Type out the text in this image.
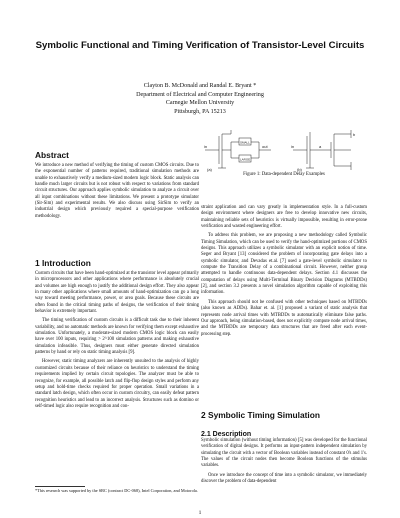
Symbolic Functional and Timing Verification of Transistor-Level Circuits
Clayton B. McDonald and Randal E. Bryant *
Department of Electrical and Computer Engineering
Carnegie Mellon University
Pittsburgh, PA 15213
Abstract

We introduce a new method of verifying the timing of custom CMOS circuits. Due to the exponential number of patterns required, traditional simulation methods are unable to exhaustively verify a medium-sized modern logic block. Static analysis can handle much larger circuits but is not robust with respect to variations from standard circuit structures. Our approach applies symbolic simulation to analyze a circuit over all input combinations without these limitations. We present a prototype simulator (Sir-Sim) and experimental results. We also discuss using SirSim to verify an industrial design which previously required a special-purpose verification methodology.

1 Introduction

Custom circuits that have been hand-optimized at the transistor level appear primarily in microprocessors and other applications where performance is absolutely crucial and volumes are high enough to justify the additional design effort. They also appear in many other applications where small amounts of hand-optimization can go a long way toward meeting performance, power, or area goals. Because these circuits are often found in the critical timing paths of designs, the verification of their timing behavior is extremely important.

The timing verification of custom circuits is a difficult task due to their inherent variability, and no automatic methods are known for verifying them except exhaustive simulation. Unfortunately, a moderate-sized modern CMOS logic block can easily have over 100 inputs, requiring > 2^100 simulation patterns and making exhaustive simulation infeasible. Thus, designers must either generate directed simulation patterns by hand or rely on static timing analysis [9].

However, static timing analyzers are inherently unsuited to the analysis of highly customized circuits because of their reliance on heuristics to understand the timing requirements implied by certain circuit topologies. The analyzer must be able to recognize, for example, all possible latch and flip-flop design styles and perform any setup and hold-time checks required for proper operation. Small variations in a standard latch design, which often occur in custom circuitry, can easily defeat pattern recognition heuristics and lead to an incorrect analysis. Structures such as domino or self-timed logic also require recognition and con-

*This research was supported by the SRC (contract DC-068), Intel Corporation, and Motorola.
in	out
SMALL
LARGE
(a)
in	a
b
(b)
Figure 1: Data-dependent Delay Examples

straint application and can vary greatly in implementation style. In a full-custom design environment where designers are free to develop innovative new circuits, maintaining reliable sets of heuristics is virtually impossible, resulting in error-prone verification and wasted engineering effort.

To address this problem, we are proposing a new methodology called Symbolic Timing Simulation, which can be used to verify the hand-optimized portions of CMOS designs. This approach utilizes a symbolic simulator with an explicit notion of time. Seger and Bryant [13] considered the problem of incorporating gate delays into a symbolic simulator, and Devadas et.al. [7] used a gate-level symbolic simulator to compute the Transition Delay of a combinational circuit. However, neither group attempted to handle continuous data-dependent delays. Section 4.1 discusses the computation of delays using Multi-Terminal Binary Decision Diagrams (MTBDDs) [2], and section 3.2 presents a novel simulation algorithm capable of exploiting this information.

This approach should not be confused with other techniques based on MTBDDs (also known as ADDs). Bahar et. al. [1] proposed a variant of static analysis that represents node arrival times with MTBDDs to automatically eliminate false paths. Our approach, being simulation-based, does not explicitly compute node arrival times, and the MTBDDs are temporary data structures that are freed after each event-processing step.

2 Symbolic Timing Simulation
2.1 Description

Symbolic simulation (without timing information) [5] was developed for the functional verification of digital designs. It performs an input-pattern independent simulation by simulating the circuit with a vector of Boolean variables instead of constant 0's and 1's. The values of the circuit nodes then become Boolean functions of the stimulus variables.

Once we introduce the concept of time into a symbolic simulator, we immediately discover the problem of data-dependent

1
